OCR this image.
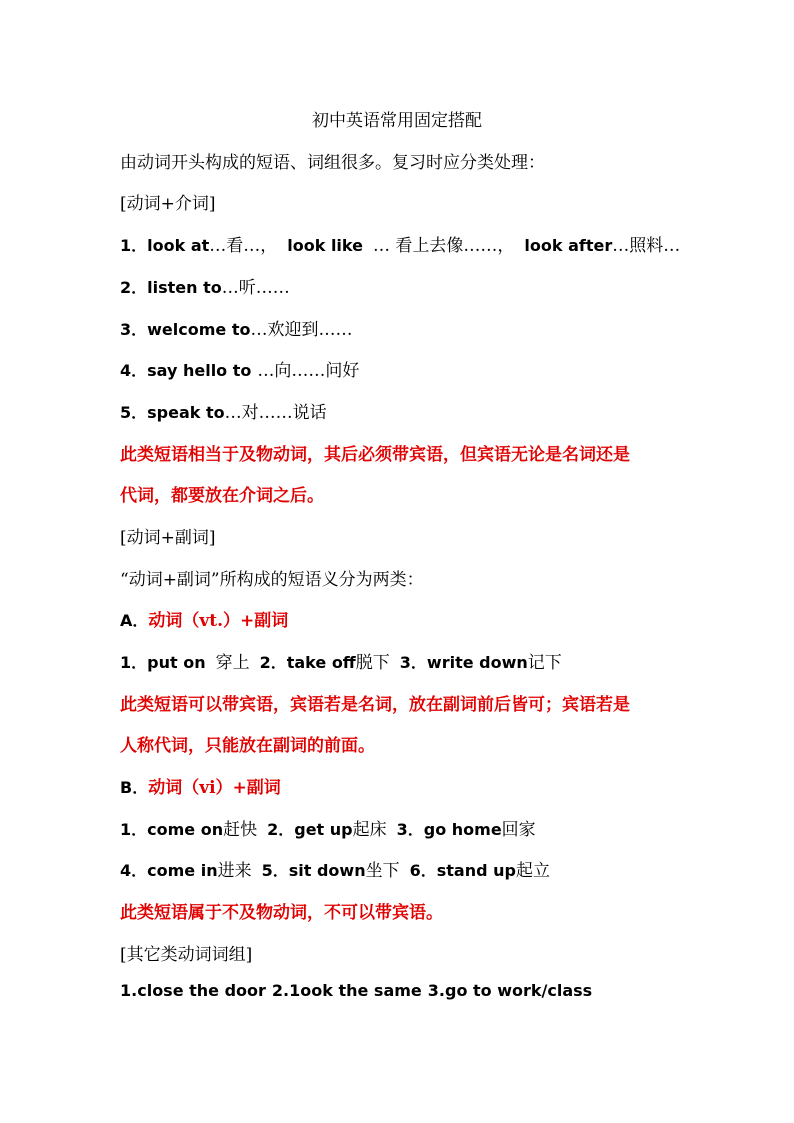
初中英语常用固定搭配
由动词开头构成的短语、词组很多。复习时应分类处理：
[动词+介词]
1．look at…看…， look like … 看上去像……， look after…照料…
2．listen to…听……
3．welcome to…欢迎到……
4．say hello to …向……问好
5．speak to…对……说话
此类短语相当于及物动词，其后必须带宾语，但宾语无论是名词还是
代词，都要放在介词之后。
[动词+副词]
“动词+副词”所构成的短语义分为两类：
A．动词（vt.）+副词
1．put on 穿上 2．take off脱下 3．write down记下
此类短语可以带宾语，宾语若是名词，放在副词前后皆可；宾语若是
人称代词，只能放在副词的前面。
B．动词（vi）+副词
1．come on赶快 2．get up起床 3．go home回家
4．come in进来 5．sit down坐下 6．stand up起立
此类短语属于不及物动词，不可以带宾语。
[其它类动词词组]
1.close the door 2.1ook the same 3.go to work/class
